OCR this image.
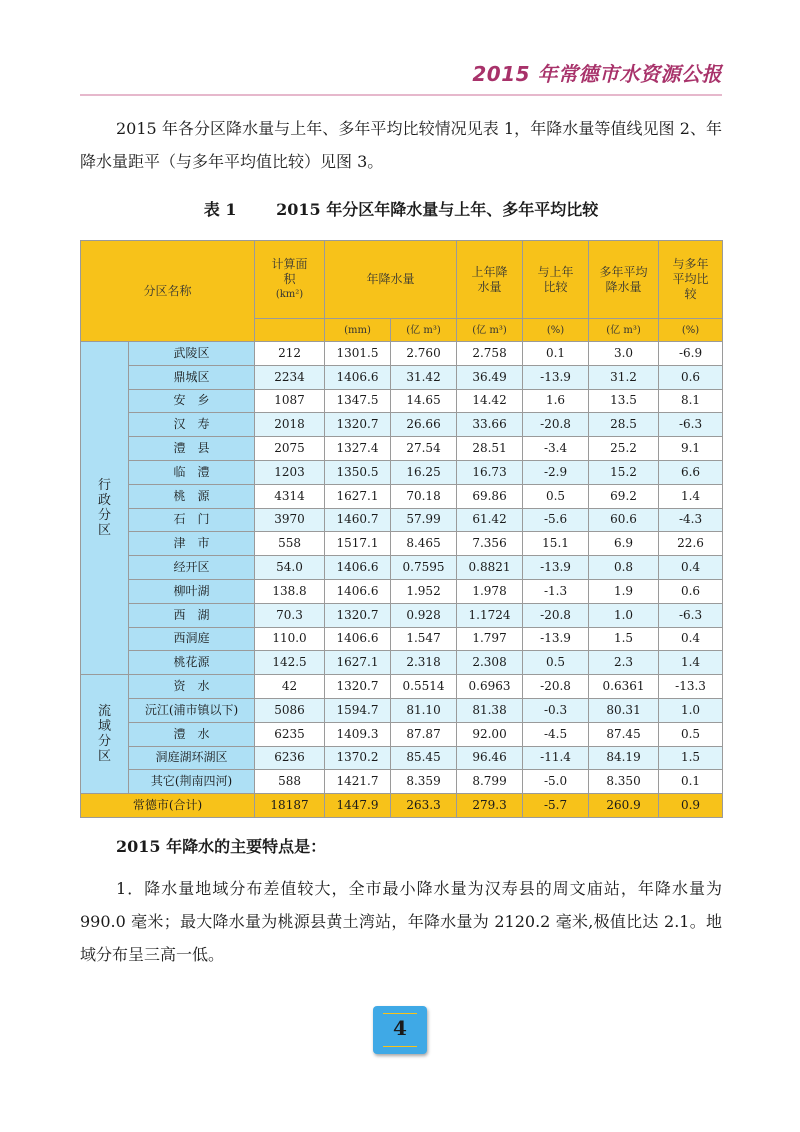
2015 年常德市水资源公报
2015 年各分区降水量与上年、多年平均比较情况见表 1，年降水量等值线见图 2、年降水量距平（与多年平均值比较）见图 3。
表 1 2015 年分区年降水量与上年、多年平均比较
分区名称		计算面积
(km²)	年降水量		上年降水量	与上年比较	多年平均降水量	与多年平均比较
			(mm)	(亿 m³)	(亿 m³)	(%)	(亿 m³)	(%)

行
政
分
区	武陵区	212	1301.5	2.760	2.758	0.1	3.0	-6.9
	鼎城区	2234	1406.6	31.42	36.49	-13.9	31.2	0.6
	安　乡	1087	1347.5	14.65	14.42	1.6	13.5	8.1
	汉　寿	2018	1320.7	26.66	33.66	-20.8	28.5	-6.3
	澧　县	2075	1327.4	27.54	28.51	-3.4	25.2	9.1
	临　澧	1203	1350.5	16.25	16.73	-2.9	15.2	6.6
	桃　源	4314	1627.1	70.18	69.86	0.5	69.2	1.4
	石　门	3970	1460.7	57.99	61.42	-5.6	60.6	-4.3
	津　市	558	1517.1	8.465	7.356	15.1	6.9	22.6
	经开区	54.0	1406.6	0.7595	0.8821	-13.9	0.8	0.4
	柳叶湖	138.8	1406.6	1.952	1.978	-1.3	1.9	0.6
	西　湖	70.3	1320.7	0.928	1.1724	-20.8	1.0	-6.3
	西洞庭	110.0	1406.6	1.547	1.797	-13.9	1.5	0.4
	桃花源	142.5	1627.1	2.318	2.308	0.5	2.3	1.4

流
域
分
区	资　水	42	1320.7	0.5514	0.6963	-20.8	0.6361	-13.3
	沅江(浦市镇以下)	5086	1594.7	81.10	81.38	-0.3	80.31	1.0
	澧　水	6235	1409.3	87.87	92.00	-4.5	87.45	0.5
	洞庭湖环湖区	6236	1370.2	85.45	96.46	-11.4	84.19	1.5
	其它(荆南四河)	588	1421.7	8.359	8.799	-5.0	8.350	0.1
常德市(合计)		18187	1447.9	263.3	279.3	-5.7	260.9	0.9
2015 年降水的主要特点是：
1．降水量地域分布差值较大，全市最小降水量为汉寿县的周文庙站，年降水量为 990.0 毫米；最大降水量为桃源县黄土湾站，年降水量为 2120.2 毫米,极值比达 2.1。地域分布呈三高一低。
4
